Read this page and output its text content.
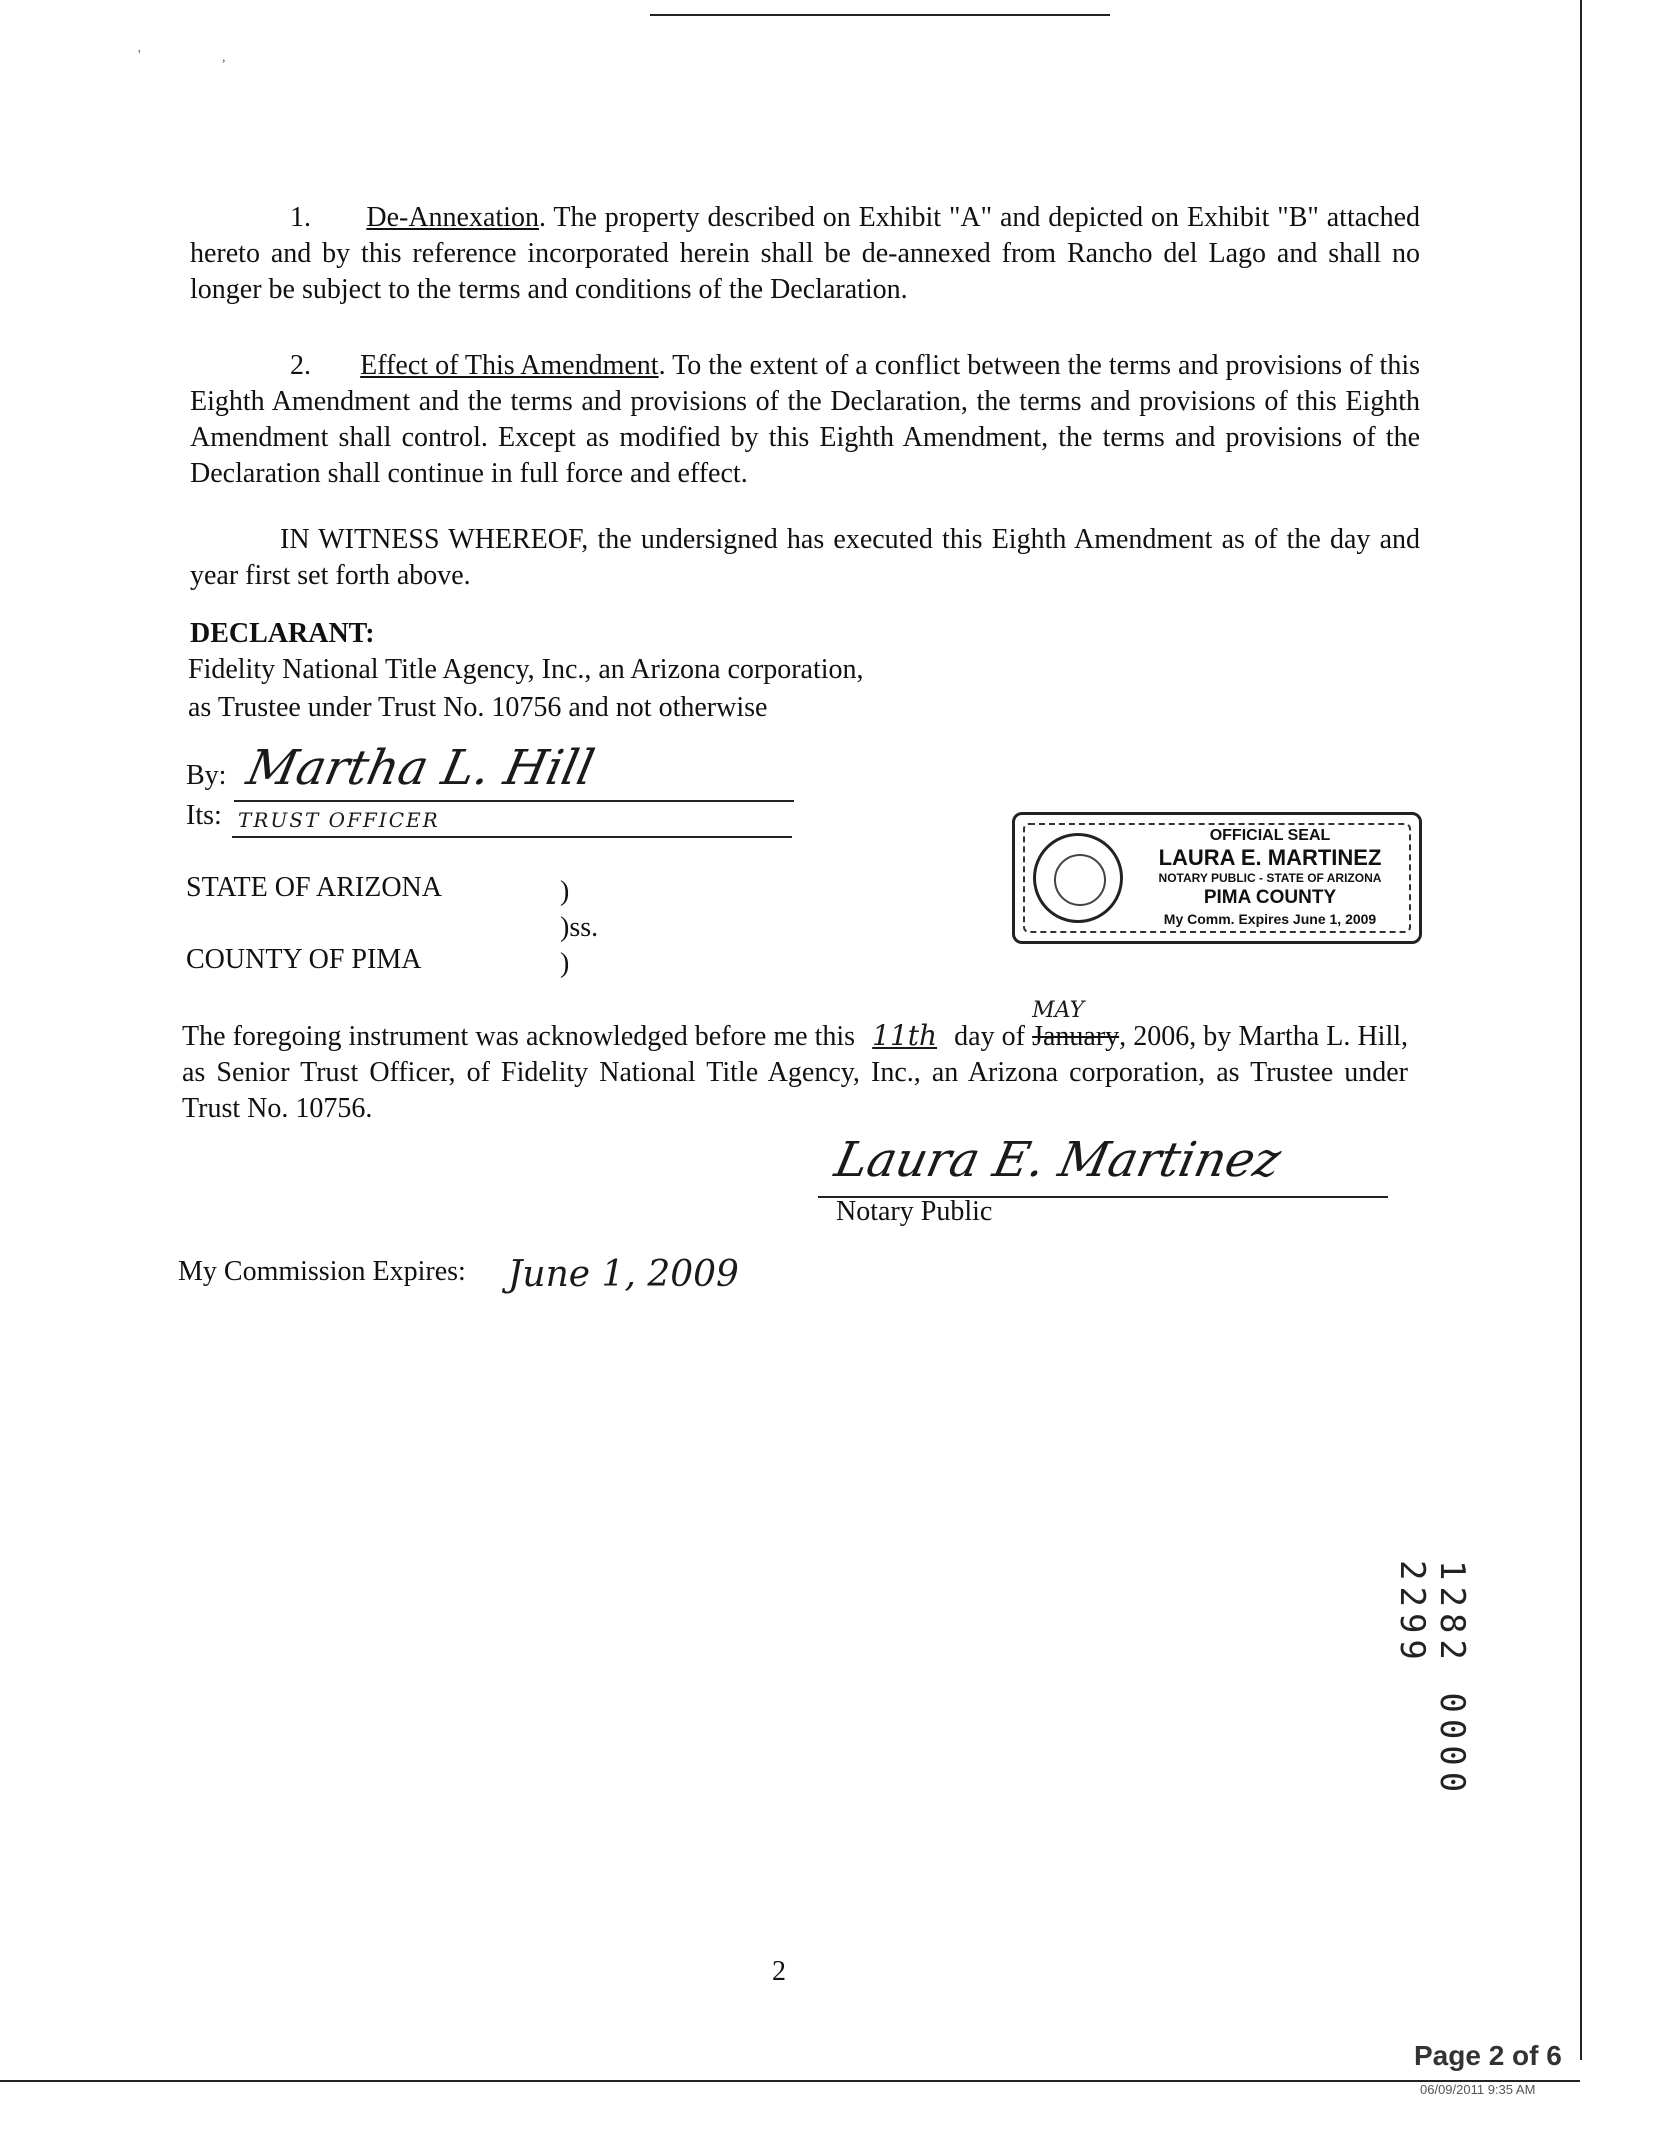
'	,
1. De-Annexation. The property described on Exhibit "A" and depicted on Exhibit "B" attached hereto and by this reference incorporated herein shall be de-annexed from Rancho del Lago and shall no longer be subject to the terms and conditions of the Declaration.
2. Effect of This Amendment. To the extent of a conflict between the terms and provisions of this Eighth Amendment and the terms and provisions of the Declaration, the terms and provisions of this Eighth Amendment shall control. Except as modified by this Eighth Amendment, the terms and provisions of the Declaration shall continue in full force and effect.
IN WITNESS WHEREOF, the undersigned has executed this Eighth Amendment as of the day and year first set forth above.
DECLARANT:
Fidelity National Title Agency, Inc., an Arizona corporation,
as Trustee under Trust No. 10756 and not otherwise
By: Martha L. Hill
Its: TRUST OFFICER
OFFICIAL SEAL
LAURA E. MARTINEZ
NOTARY PUBLIC - STATE OF ARIZONA
PIMA COUNTY
My Comm. Expires June 1, 2009
STATE OF ARIZONA	)
)ss.
COUNTY OF PIMA	)
The foregoing instrument was acknowledged before me this 11th day of
MAY
January, 2006, by Martha L. Hill, as Senior Trust Officer, of Fidelity National Title Agency, Inc., an Arizona corporation, as Trustee under Trust No. 10756.
Laura E. Martinez
Notary Public
My Commission Expires: June 1, 2009
1282 0000 2299
2
Page 2 of 6
06/09/2011 9:35 AM
